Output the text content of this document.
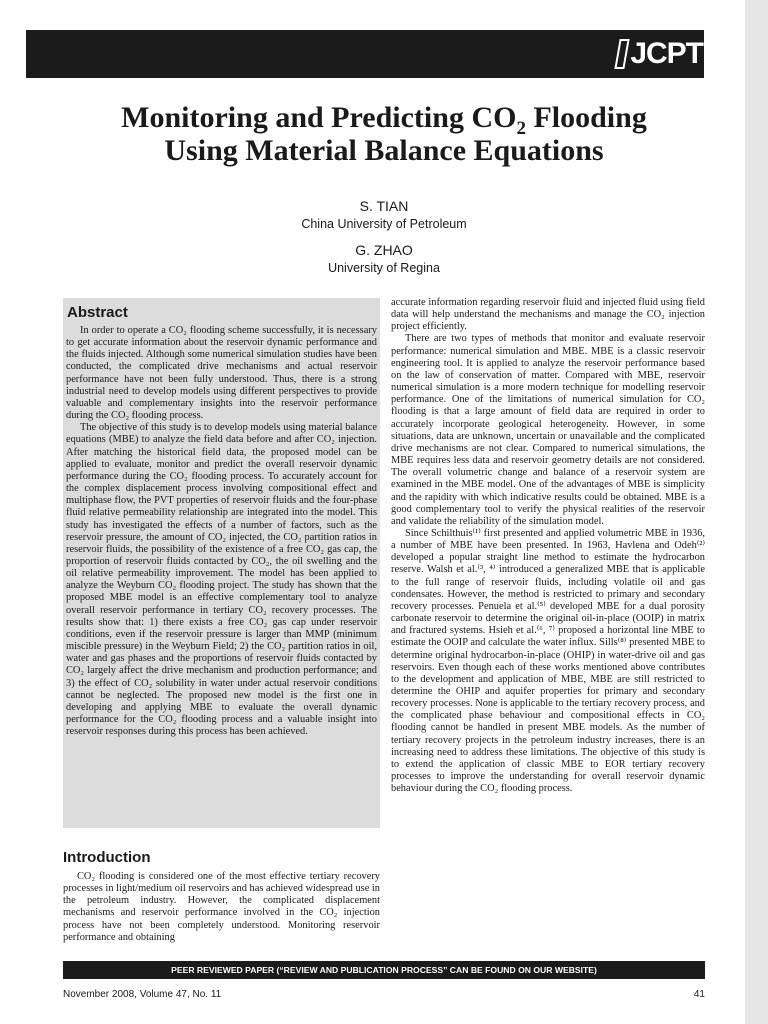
JCPT
Monitoring and Predicting $CO_2$ Flooding
Using Material Balance Equations

S. TIAN

China University of Petroleum

G. ZHAO

University of Regina

Abstract

In order to operate a CO₂ flooding scheme successfully, it is necessary to get accurate information about the reservoir dynamic performance and the fluids injected. Although some numerical simulation studies have been conducted, the complicated drive mechanisms and actual reservoir performance have not been fully understood. Thus, there is a strong industrial need to develop models using different perspectives to provide valuable and complementary insights into the reservoir performance during the CO₂ flooding process.

The objective of this study is to develop models using material balance equations (MBE) to analyze the field data before and after CO₂ injection. After matching the historical field data, the proposed model can be applied to evaluate, monitor and predict the overall reservoir dynamic performance during the CO₂ flooding process. To accurately account for the complex displacement process involving compositional effect and multiphase flow, the PVT properties of reservoir fluids and the four-phase fluid relative permeability relationship are integrated into the model. This study has investigated the effects of a number of factors, such as the reservoir pressure, the amount of CO₂ injected, the CO₂ partition ratios in reservoir fluids, the possibility of the existence of a free CO₂ gas cap, the proportion of reservoir fluids contacted by CO₂, the oil swelling and the oil relative permeability improvement. The model has been applied to analyze the Weyburn CO₂ flooding project. The study has shown that the proposed MBE model is an effective complementary tool to analyze overall reservoir performance in tertiary CO₂ recovery processes. The results show that: 1) there exists a free CO₂ gas cap under reservoir conditions, even if the reservoir pressure is larger than MMP (minimum miscible pressure) in the Weyburn Field; 2) the CO₂ partition ratios in oil, water and gas phases and the proportions of reservoir fluids contacted by CO₂ largely affect the drive mechanism and production performance; and 3) the effect of CO₂ solubility in water under actual reservoir conditions cannot be neglected. The proposed new model is the first one in developing and applying MBE to evaluate the overall dynamic performance for the CO₂ flooding process and a valuable insight into reservoir responses during this process has been achieved.

Introduction

CO₂ flooding is considered one of the most effective tertiary recovery processes in light/medium oil reservoirs and has achieved widespread use in the petroleum industry. However, the complicated displacement mechanisms and reservoir performance involved in the CO₂ injection process have not been completely understood. Monitoring reservoir performance and obtaining

accurate information regarding reservoir fluid and injected fluid using field data will help understand the mechanisms and manage the CO₂ injection project efficiently.

There are two types of methods that monitor and evaluate reservoir performance: numerical simulation and MBE. MBE is a classic reservoir engineering tool. It is applied to analyze the reservoir performance based on the law of conservation of matter. Compared with MBE, reservoir numerical simulation is a more modern technique for modelling reservoir performance. One of the limitations of numerical simulation for CO₂ flooding is that a large amount of field data are required in order to accurately incorporate geological heterogeneity. However, in some situations, data are unknown, uncertain or unavailable and the complicated drive mechanisms are not clear. Compared to numerical simulations, the MBE requires less data and reservoir geometry details are not considered. The overall volumetric change and balance of a reservoir system are examined in the MBE model. One of the advantages of MBE is simplicity and the rapidity with which indicative results could be obtained. MBE is a good complementary tool to verify the physical realities of the reservoir and validate the reliability of the simulation model.

Since Schilthuis⁽¹⁾ first presented and applied volumetric MBE in 1936, a number of MBE have been presented. In 1963, Havlena and Odeh⁽²⁾ developed a popular straight line method to estimate the hydrocarbon reserve. Walsh et al.⁽³, ⁴⁾ introduced a generalized MBE that is applicable to the full range of reservoir fluids, including volatile oil and gas condensates. However, the method is restricted to primary and secondary recovery processes. Penuela et al.⁽⁵⁾ developed MBE for a dual porosity carbonate reservoir to determine the original oil-in-place (OOIP) in matrix and fractured systems. Hsieh et al.⁽⁶, ⁷⁾ proposed a horizontal line MBE to estimate the OOIP and calculate the water influx. Sills⁽⁸⁾ presented MBE to determine original hydrocarbon-in-place (OHIP) in water-drive oil and gas reservoirs. Even though each of these works mentioned above contributes to the development and application of MBE, MBE are still restricted to determine the OHIP and aquifer properties for primary and secondary recovery processes. None is applicable to the tertiary recovery process, and the complicated phase behaviour and compositional effects in CO₂ flooding cannot be handled in present MBE models. As the number of tertiary recovery projects in the petroleum industry increases, there is an increasing need to address these limitations. The objective of this study is to extend the application of classic MBE to EOR tertiary recovery processes to improve the understanding for overall reservoir dynamic behaviour during the CO₂ flooding process.

PEER REVIEWED PAPER (“REVIEW AND PUBLICATION PROCESS” CAN BE FOUND ON OUR WEBSITE)
November 2008, Volume 47, No. 11	41
